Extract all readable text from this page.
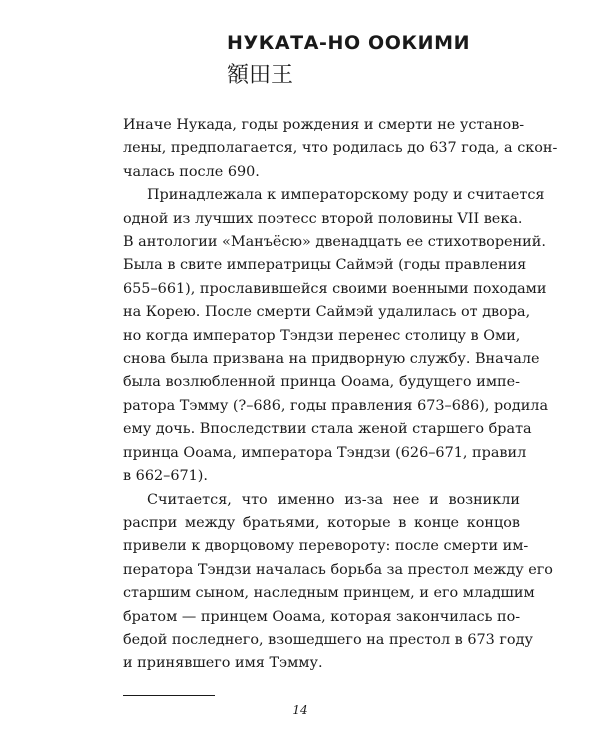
НУКАТА-НО ООКИМИ
額田王

Иначе Нукада, годы рождения и смерти не установ-
лены, предполагается, что родилась до 637 года, а скон-
чалась после 690.

Принадлежала к императорскому роду и считается
одной из лучших поэтесс второй половины VII века.
В антологии «Манъёсю» двенадцать ее стихотворений.
Была в свите императрицы Саймэй (годы правления
655–661), прославившейся своими военными походами
на Корею. После смерти Саймэй удалилась от двора,
но когда император Тэндзи перенес столицу в Оми,
снова была призвана на придворную службу. Вначале
была возлюбленной принца Ооама, будущего импе-
ратора Тэмму (?–686, годы правления 673–686), родила
ему дочь. Впоследствии стала женой старшего брата
принца Ооама, императора Тэндзи (626–671, правил
в 662–671).

Считается, что именно из-за нее и возникли
распри между братьями, которые в конце концов
привели к дворцовому перевороту: после смерти им-
ператора Тэндзи началась борьба за престол между его
старшим сыном, наследным принцем, и его младшим
братом — принцем Ооама, которая закончилась по-
бедой последнего, взошедшего на престол в 673 году
и принявшего имя Тэмму.

14
